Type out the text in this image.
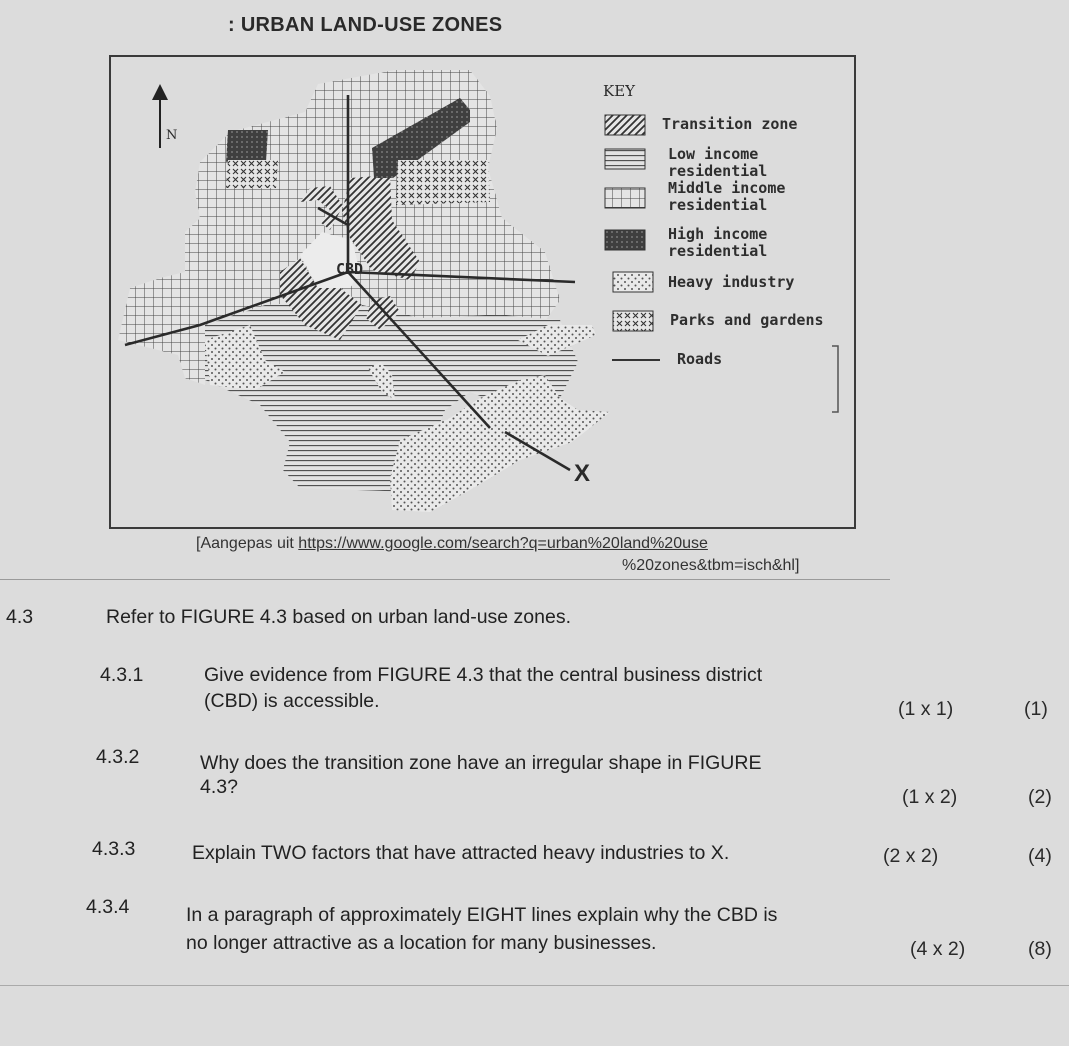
: URBAN LAND-USE ZONES
N
CBD
X
KEY
Transition zone
Low income
residential
Middle income
residential
High income
residential
Heavy industry
Parks and gardens
Roads
[Aangepas uit https://www.google.com/search?q=urban%20land%20use
%20zones&tbm=isch&hl]
4.3	Refer to FIGURE 4.3 based on urban land-use zones.
4.3.1	Give evidence from FIGURE 4.3 that the central business district
(CBD) is accessible.	(1 x 1)	(1)
4.3.2	Why does the transition zone have an irregular shape in FIGURE
4.3?	(1 x 2)	(2)
4.3.3	Explain TWO factors that have attracted heavy industries to X.	(2 x 2)	(4)
4.3.4	In a paragraph of approximately EIGHT lines explain why the CBD is
no longer attractive as a location for many businesses.	(4 x 2)	(8)
